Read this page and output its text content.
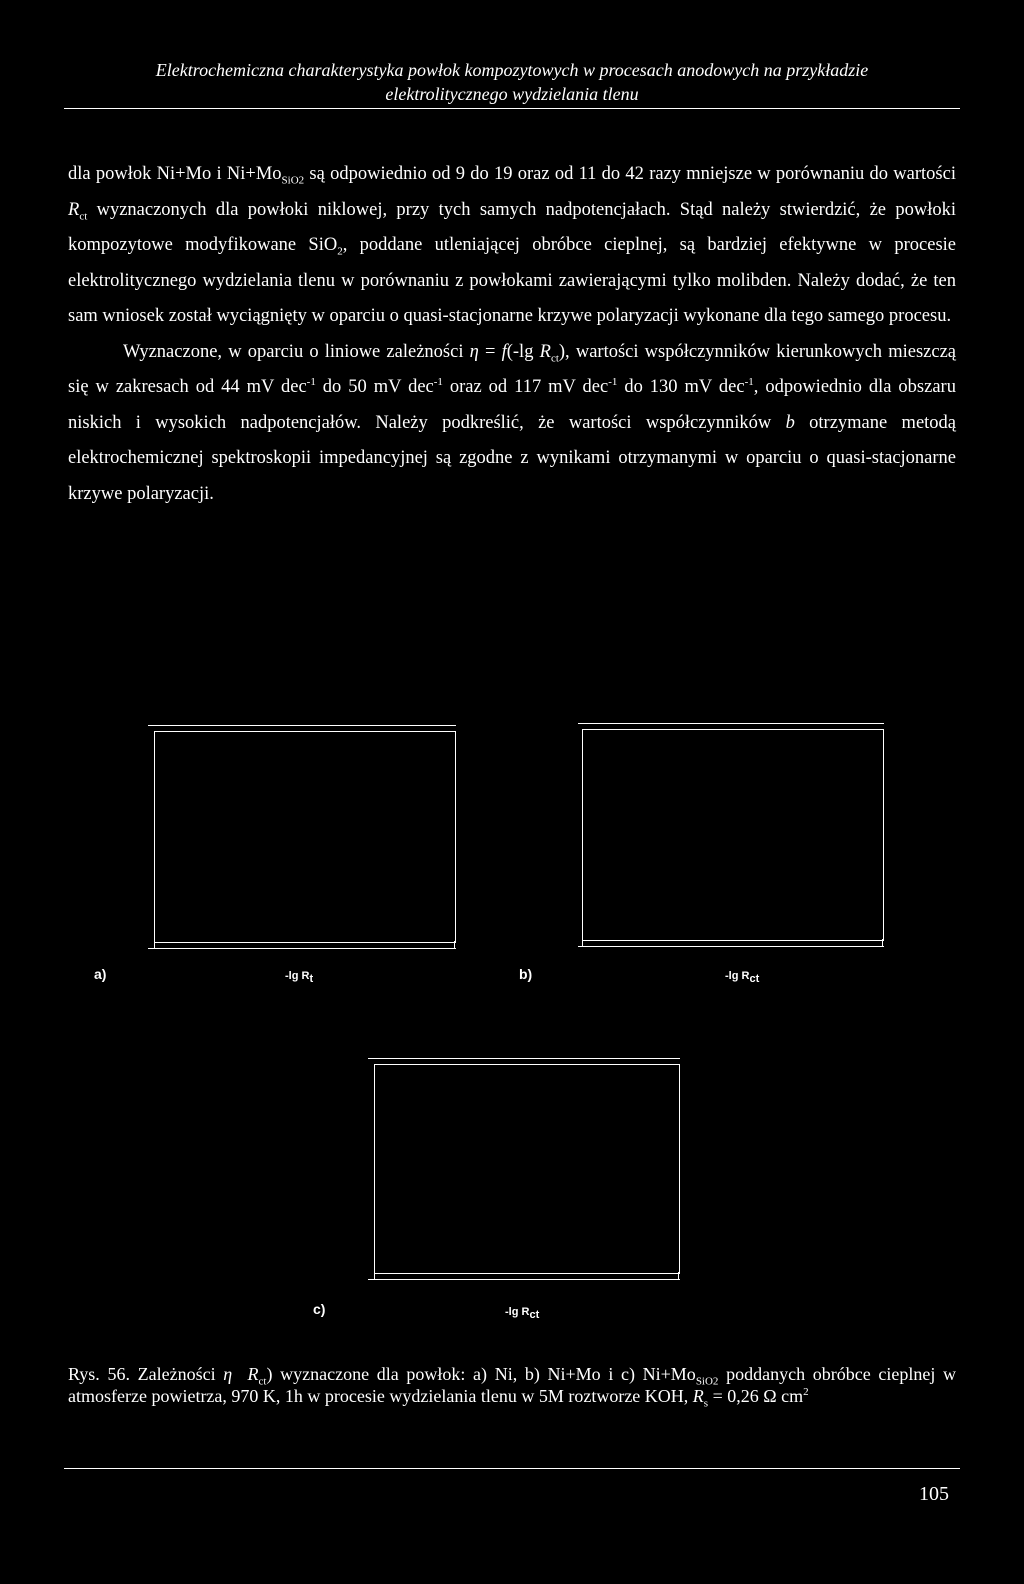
Elektrochemiczna charakterystyka powłok kompozytowych w procesach anodowych na przykładzie
elektrolitycznego wydzielania tlenu

dla powłok Ni+Mo i $Ni+Mo_{SiO2}$ są odpowiednio od 9 do 19 oraz od 11 do 42 razy mniejsze w porównaniu do wartości $R_{ct}$ wyznaczonych dla powłoki niklowej, przy tych samych nadpotencjałach. Stąd należy stwierdzić, że powłoki kompozytowe modyfikowane SiO$_2$, poddane utleniającej obróbce cieplnej, są bardziej efektywne w procesie elektrolitycznego wydzielania tlenu w porównaniu z powłokami zawierającymi tylko molibden. Należy dodać, że ten sam wniosek został wyciągnięty w oparciu o quasi-stacjonarne krzywe polaryzacji wykonane dla tego samego procesu.

Wyznaczone, w oparciu o liniowe zależności η = f(-lg $R_{ct}$), wartości współczynników kierunkowych mieszczą się w zakresach od 44 mV dec$^{-1}$ do 50 mV dec$^{-1}$ oraz od 117 mV dec$^{-1}$ do 130 mV dec$^{-1}$, odpowiednio dla obszaru niskich i wysokich nadpotencjałów. Należy podkreślić, że wartości współczynników b otrzymane metodą elektrochemicznej spektroskopii impedancyjnej są zgodne z wynikami otrzymanymi w oparciu o quasi-stacjonarne krzywe polaryzacji.

a)	-lg $R_t$	b)	-lg $R_{ct}$
c)	-lg $R_{ct}$
Rys. 56. Zależności η $R_{ct}$) wyznaczone dla powłok: a) Ni, b) Ni+Mo i c) $Ni+Mo_{SiO2}$ poddanych obróbce cieplnej w atmosferze powietrza, 970 K, 1h w procesie wydzielania tlenu w 5M roztworze KOH, $R_s = 0,26$ Ω $cm^2$
105
